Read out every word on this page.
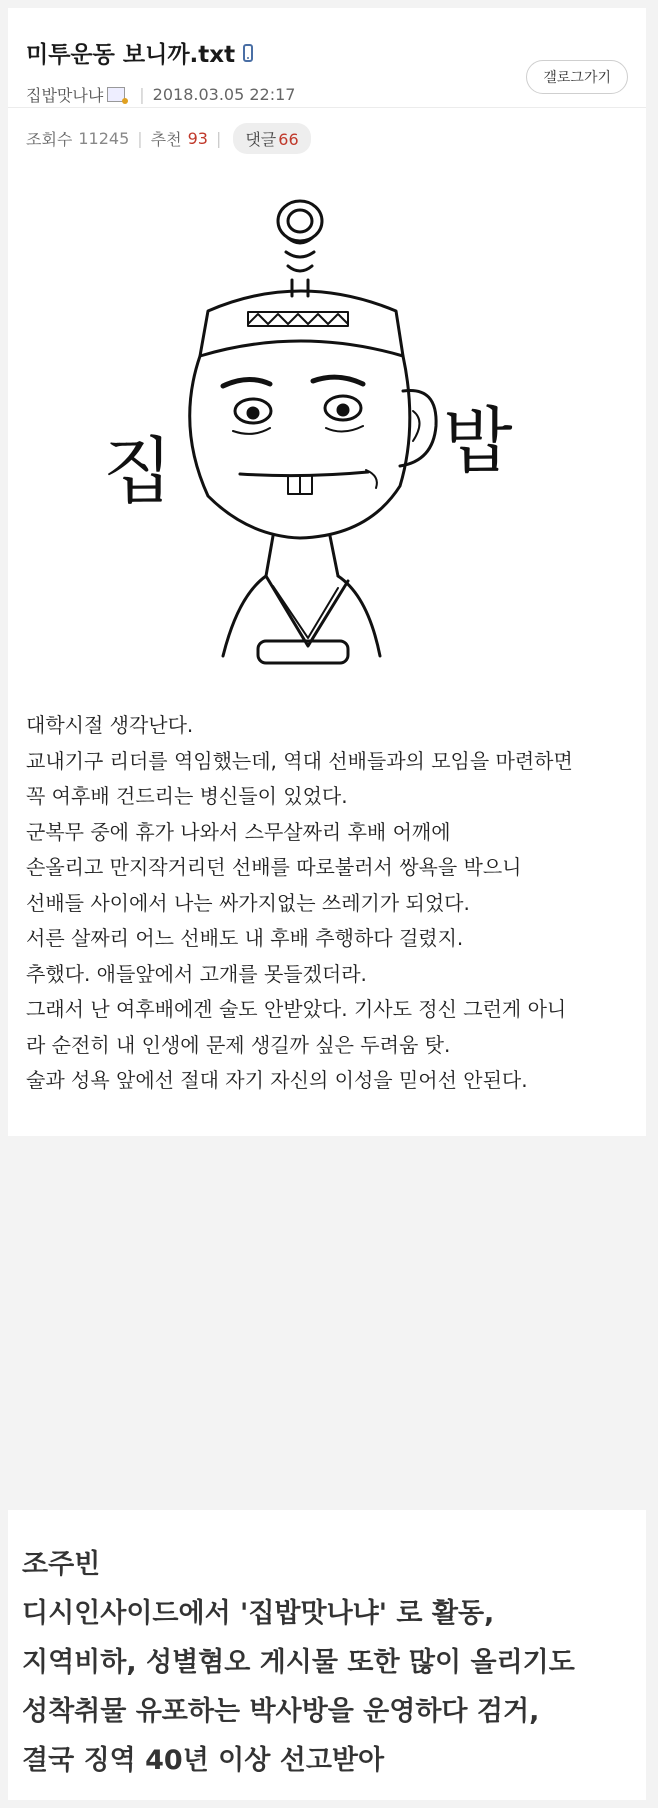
미투운동 보니까.txt
집밥맛나냐 | 2018.03.05 22:17
갤로그가기
조회수 11245 | 추천 93 |	댓글 66
집	밥

대학시절 생각난다.

교내기구 리더를 역임했는데, 역대 선배들과의 모임을 마련하면

꼭 여후배 건드리는 병신들이 있었다.

군복무 중에 휴가 나와서 스무살짜리 후배 어깨에

손올리고 만지작거리던 선배를 따로불러서 쌍욕을 박으니

선배들 사이에서 나는 싸가지없는 쓰레기가 되었다.

서른 살짜리 어느 선배도 내 후배 추행하다 걸렸지.

추했다. 애들앞에서 고개를 못들겠더라.

그래서 난 여후배에겐 술도 안받았다. 기사도 정신 그런게 아니

라 순전히 내 인생에 문제 생길까 싶은 두려움 탓.

술과 성욕 앞에선 절대 자기 자신의 이성을 믿어선 안된다.

조주빈

디시인사이드에서 '집밥맛나냐' 로 활동,

지역비하, 성별혐오 게시물 또한 많이 올리기도

성착취물 유포하는 박사방을 운영하다 검거,

결국 징역 40년 이상 선고받아
